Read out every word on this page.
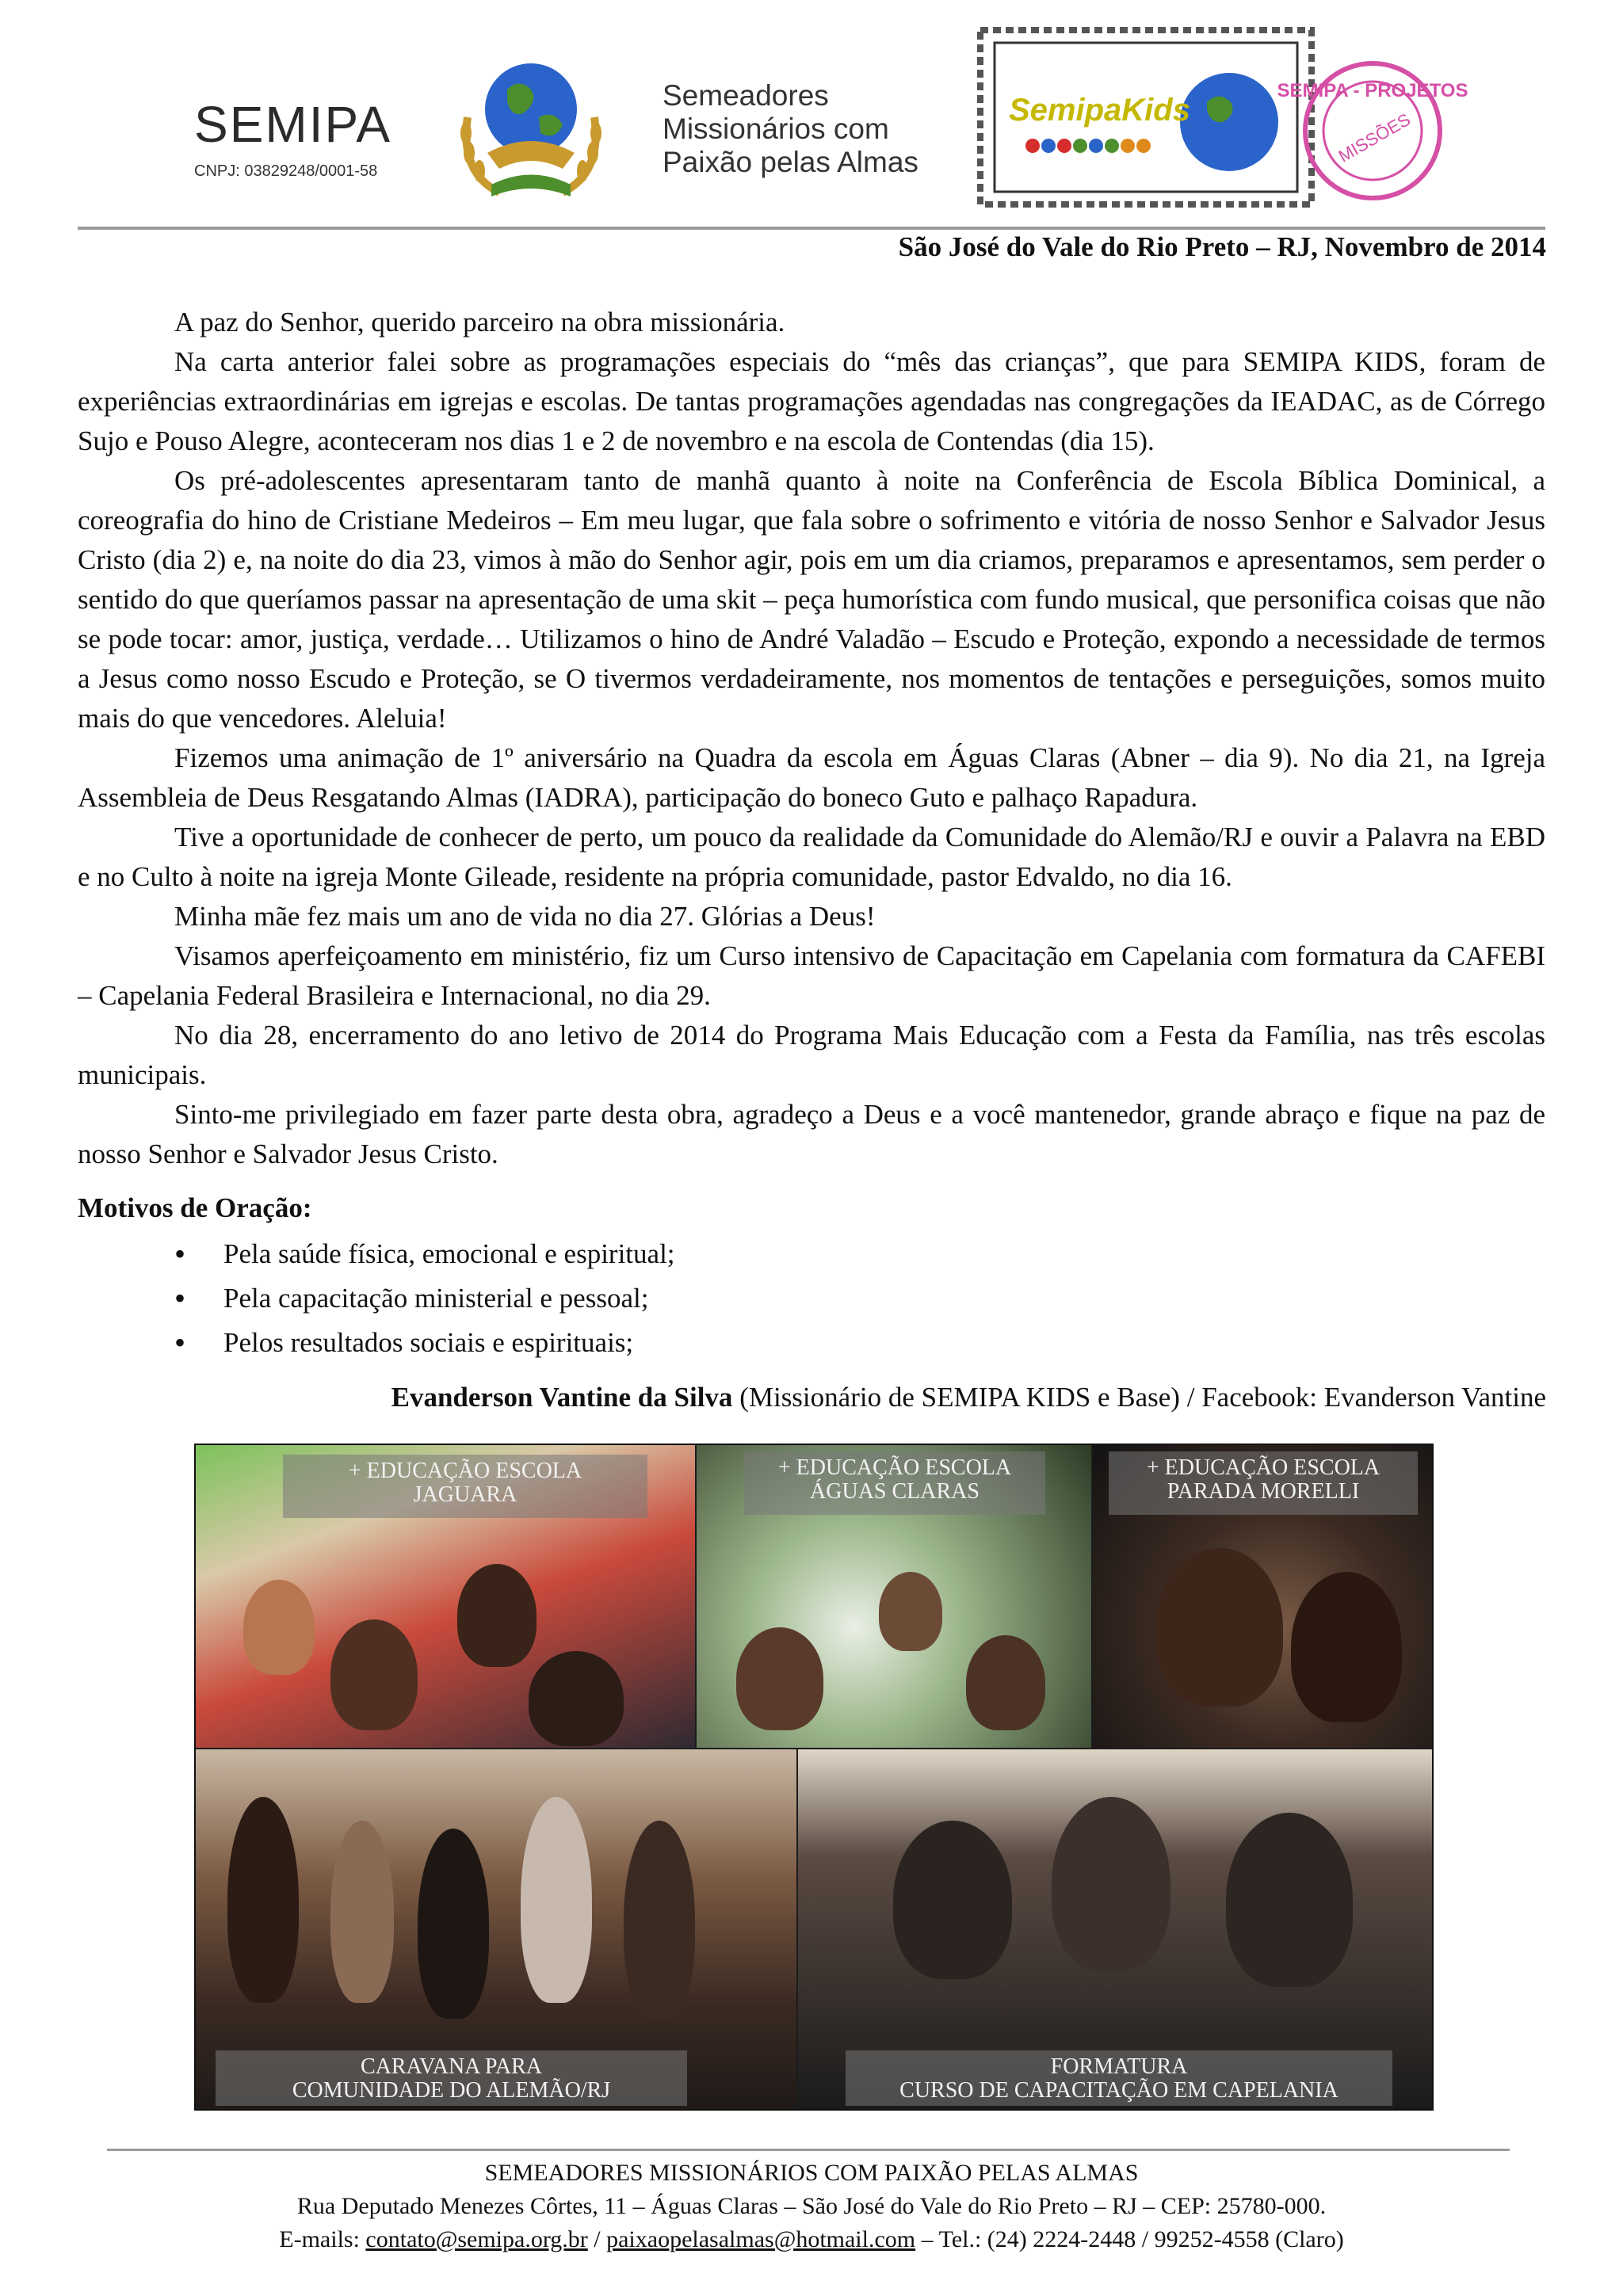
SEMIPA
CNPJ: 03829248/0001-58
Semeadores
Missionários com
Paixão pelas Almas
SemipaKids
SEMIPA - PROJETOS
MISSÕES
São José do Vale do Rio Preto – RJ, Novembro de 2014

A paz do Senhor, querido parceiro na obra missionária.

Na carta anterior falei sobre as programações especiais do “mês das crianças”, que para SEMIPA KIDS, foram de experiências extraordinárias em igrejas e escolas. De tantas programações agendadas nas congregações da IEADAC, as de Córrego Sujo e Pouso Alegre, aconteceram nos dias 1 e 2 de novembro e na escola de Contendas (dia 15).

Os pré-adolescentes apresentaram tanto de manhã quanto à noite na Conferência de Escola Bíblica Dominical, a coreografia do hino de Cristiane Medeiros – Em meu lugar, que fala sobre o sofrimento e vitória de nosso Senhor e Salvador Jesus Cristo (dia 2) e, na noite do dia 23, vimos à mão do Senhor agir, pois em um dia criamos, preparamos e apresentamos, sem perder o sentido do que queríamos passar na apresentação de uma skit – peça humorística com fundo musical, que personifica coisas que não se pode tocar: amor, justiça, verdade… Utilizamos o hino de André Valadão – Escudo e Proteção, expondo a necessidade de termos a Jesus como nosso Escudo e Proteção, se O tivermos verdadeiramente, nos momentos de tentações e perseguições, somos muito mais do que vencedores. Aleluia!

Fizemos uma animação de 1º aniversário na Quadra da escola em Águas Claras (Abner – dia 9). No dia 21, na Igreja Assembleia de Deus Resgatando Almas (IADRA), participação do boneco Guto e palhaço Rapadura.

Tive a oportunidade de conhecer de perto, um pouco da realidade da Comunidade do Alemão/RJ e ouvir a Palavra na EBD e no Culto à noite na igreja Monte Gileade, residente na própria comunidade, pastor Edvaldo, no dia 16.

Minha mãe fez mais um ano de vida no dia 27. Glórias a Deus!

Visamos aperfeiçoamento em ministério, fiz um Curso intensivo de Capacitação em Capelania com formatura da CAFEBI – Capelania Federal Brasileira e Internacional, no dia 29.

No dia 28, encerramento do ano letivo de 2014 do Programa Mais Educação com a Festa da Família, nas três escolas municipais.

Sinto-me privilegiado em fazer parte desta obra, agradeço a Deus e a você mantenedor, grande abraço e fique na paz de nosso Senhor e Salvador Jesus Cristo.

Motivos de Oração:
• Pela saúde física, emocional e espiritual;
• Pela capacitação ministerial e pessoal;
• Pelos resultados sociais e espirituais;
Evanderson Vantine da Silva (Missionário de SEMIPA KIDS e Base) / Facebook: Evanderson Vantine
+ EDUCAÇÃO ESCOLA
JAGUARA
+ EDUCAÇÃO ESCOLA
ÁGUAS CLARAS
+ EDUCAÇÃO ESCOLA
PARADA MORELLI
CARAVANA PARA
COMUNIDADE DO ALEMÃO/RJ
FORMATURA
CURSO DE CAPACITAÇÃO EM CAPELANIA
SEMEADORES MISSIONÁRIOS COM PAIXÃO PELAS ALMAS
Rua Deputado Menezes Côrtes, 11 – Águas Claras – São José do Vale do Rio Preto – RJ – CEP: 25780-000.
E-mails: contato@semipa.org.br / paixaopelasalmas@hotmail.com – Tel.: (24) 2224-2448 / 99252-4558 (Claro)
